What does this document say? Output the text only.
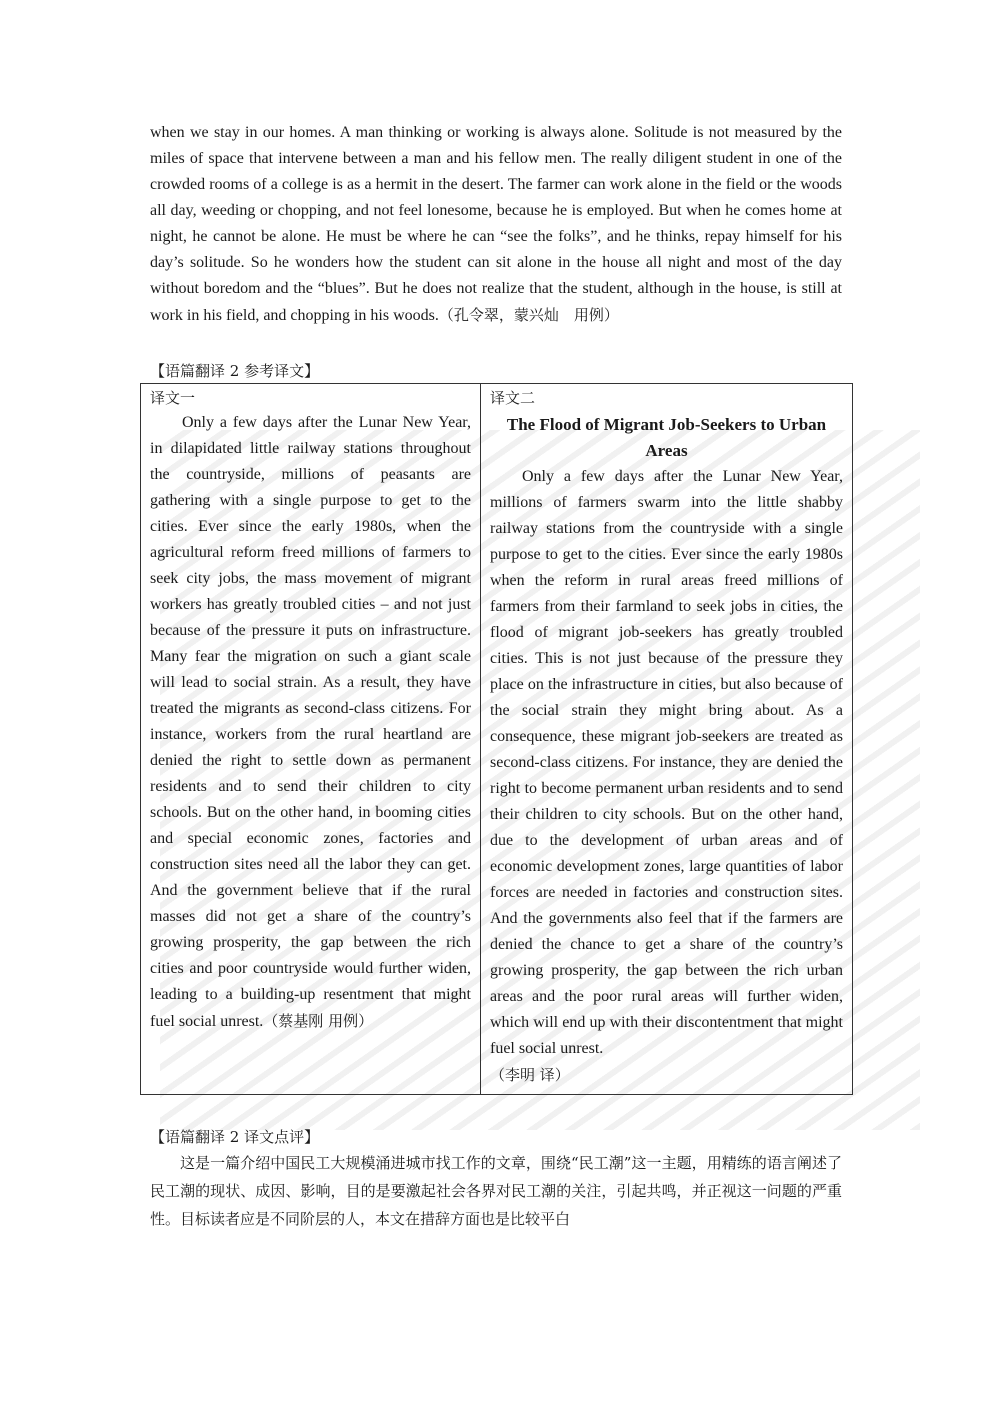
when we stay in our homes. A man thinking or working is always alone. Solitude is not measured by the miles of space that intervene between a man and his fellow men. The really diligent student in one of the crowded rooms of a college is as a hermit in the desert. The farmer can work alone in the field or the woods all day, weeding or chopping, and not feel lonesome, because he is employed. But when he comes home at night, he cannot be alone. He must be where he can “see the folks”, and he thinks, repay himself for his day’s solitude. So he wonders how the student can sit alone in the house all night and most of the day without boredom and the “blues”. But he does not realize that the student, although in the house, is still at work in his field, and chopping in his woods.（孔令翠，蒙兴灿　用例）

【语篇翻译 2 参考译文】

译文一

Only a few days after the Lunar New Year, in dilapidated little railway stations throughout the countryside, millions of peasants are gathering with a single purpose to get to the cities. Ever since the early 1980s, when the agricultural reform freed millions of farmers to seek city jobs, the mass movement of migrant workers has greatly troubled cities – and not just because of the pressure it puts on infrastructure. Many fear the migration on such a giant scale will lead to social strain. As a result, they have treated the migrants as second-class citizens. For instance, workers from the rural heartland are denied the right to settle down as permanent residents and to send their children to city schools. But on the other hand, in booming cities and special economic zones, factories and construction sites need all the labor they can get. And the government believe that if the rural masses did not get a share of the country’s growing prosperity, the gap between the rich cities and poor countryside would further widen, leading to a building-up resentment that might fuel social unrest.（蔡基刚 用例）

译文二

The Flood of Migrant Job-Seekers to Urban Areas

Only a few days after the Lunar New Year, millions of farmers swarm into the little shabby railway stations from the countryside with a single purpose to get to the cities. Ever since the early 1980s when the reform in rural areas freed millions of farmers from their farmland to seek jobs in cities, the flood of migrant job-seekers has greatly troubled cities. This is not just because of the pressure they place on the infrastructure in cities, but also because of the social strain they might bring about. As a consequence, these migrant job-seekers are treated as second-class citizens. For instance, they are denied the right to become permanent urban residents and to send their children to city schools. But on the other hand, due to the development of urban areas and of economic development zones, large quantities of labor forces are needed in factories and construction sites. And the governments also feel that if the farmers are denied the chance to get a share of the country’s growing prosperity, the gap between the rich urban areas and the poor rural areas will further widen, which will end up with their discontentment that might fuel social unrest.

（李明 译）

【语篇翻译 2 译文点评】

这是一篇介绍中国民工大规模涌进城市找工作的文章，围绕“民工潮”这一主题，用精练的语言阐述了民工潮的现状、成因、影响，目的是要激起社会各界对民工潮的关注，引起共鸣，并正视这一问题的严重性。目标读者应是不同阶层的人，本文在措辞方面也是比较平白
